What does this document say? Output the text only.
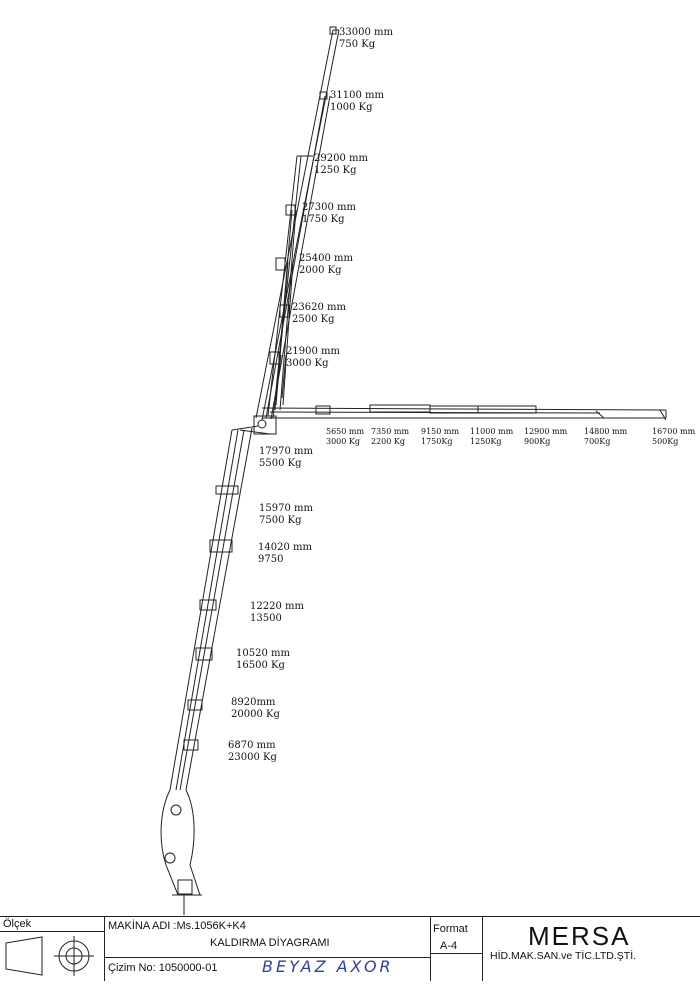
33000 mm
750 Kg
31100 mm
1000 Kg
29200 mm
1250 Kg
27300 mm
1750 Kg
25400 mm
2000 Kg
23620 mm
2500 Kg
21900 mm
3000 Kg
5650 mm
3000 Kg
7350 mm
2200 Kg
9150 mm
1750Kg
11000 mm
1250Kg
12900 mm
900Kg
14800 mm
700Kg
16700 mm
500Kg
17970 mm
5500 Kg
15970 mm
7500 Kg
14020 mm
9750
12220 mm
13500
10520 mm
16500 Kg
8920mm
20000 Kg
6870 mm
23000 Kg
Ölçek	MAKİNA ADI :Ms.1056K+K4
KALDIRMA DİYAGRAMI
Çizim No: 1050000-01	BEYAZ AXOR
Format
A-4	MERSA
HİD.MAK.SAN.ve TİC.LTD.ŞTİ.
